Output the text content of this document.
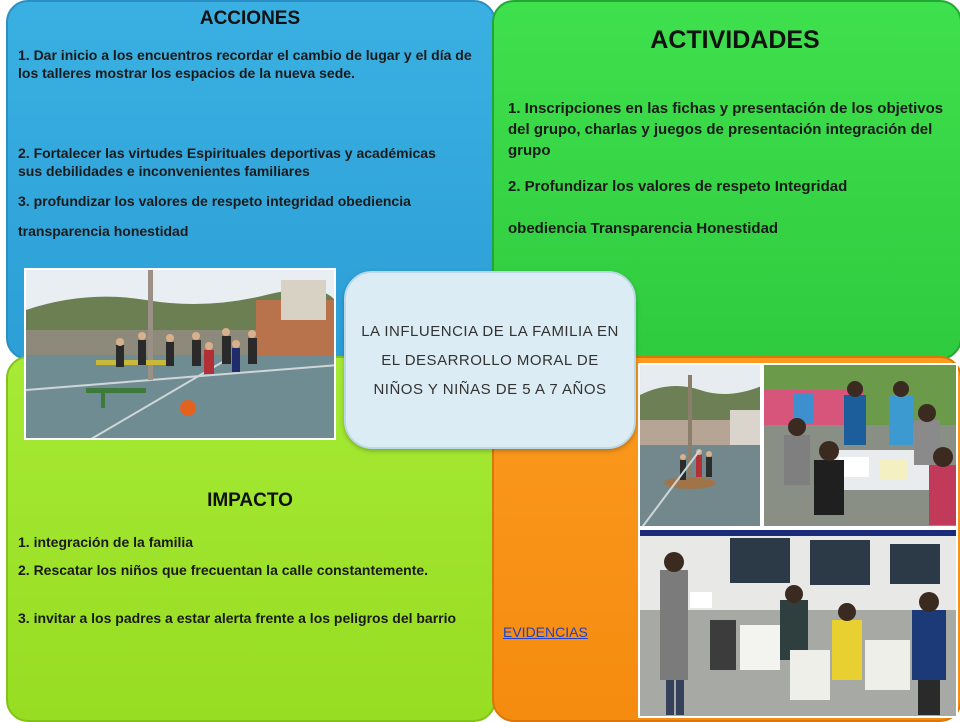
ACCIONES
1. Dar inicio a los encuentros recordar el cambio de lugar y el día de los talleres mostrar los espacios de la nueva sede.
2. Fortalecer las virtudes Espirituales deportivas y académicas sus debilidades e inconvenientes familiares
3. profundizar los valores de respeto integridad obediencia
transparencia honestidad
ACTIVIDADES
1. Inscripciones en las fichas y presentación de los objetivos del grupo, charlas y juegos de presentación integración del grupo
2. Profundizar los valores de respeto Integridad
obediencia Transparencia Honestidad
IMPACTO
1. integración de la familia
2. Rescatar los niños que frecuentan la calle constantemente.
3. invitar a los padres a estar alerta frente a los peligros del barrio
EVIDENCIAS
LA INFLUENCIA DE LA FAMILIA EN EL DESARROLLO MORAL DE NIÑOS Y NIÑAS DE 5 A 7 AÑOS
